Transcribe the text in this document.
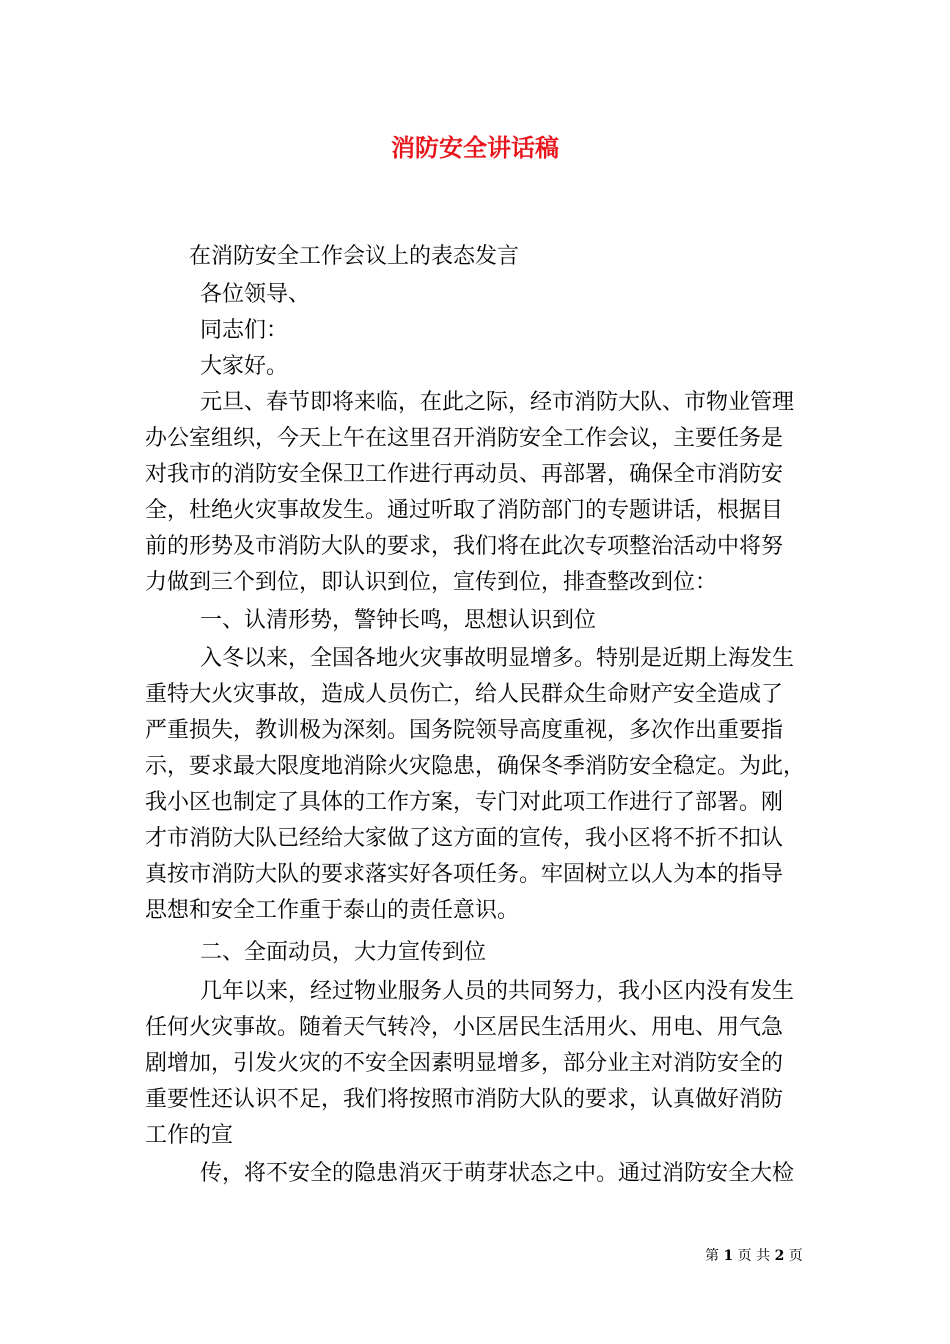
消防安全讲话稿
在消防安全工作会议上的表态发言
各位领导、
同志们：
大家好。
元旦、春节即将来临，在此之际，经市消防大队、市物业管理
办公室组织，今天上午在这里召开消防安全工作会议，主要任务是
对我市的消防安全保卫工作进行再动员、再部署，确保全市消防安
全，杜绝火灾事故发生。通过听取了消防部门的专题讲话，根据目
前的形势及市消防大队的要求，我们将在此次专项整治活动中将努
力做到三个到位，即认识到位，宣传到位，排查整改到位：
一、认清形势，警钟长鸣，思想认识到位
入冬以来，全国各地火灾事故明显增多。特别是近期上海发生
重特大火灾事故，造成人员伤亡，给人民群众生命财产安全造成了
严重损失，教训极为深刻。国务院领导高度重视，多次作出重要指
示，要求最大限度地消除火灾隐患，确保冬季消防安全稳定。为此，
我小区也制定了具体的工作方案，专门对此项工作进行了部署。刚
才市消防大队已经给大家做了这方面的宣传，我小区将不折不扣认
真按市消防大队的要求落实好各项任务。牢固树立以人为本的指导
思想和安全工作重于泰山的责任意识。
二、全面动员，大力宣传到位
几年以来，经过物业服务人员的共同努力，我小区内没有发生
任何火灾事故。随着天气转冷，小区居民生活用火、用电、用气急
剧增加，引发火灾的不安全因素明显增多，部分业主对消防安全的
重要性还认识不足，我们将按照市消防大队的要求，认真做好消防
工作的宣
传，将不安全的隐患消灭于萌芽状态之中。通过消防安全大检
第 1 页 共 2 页
